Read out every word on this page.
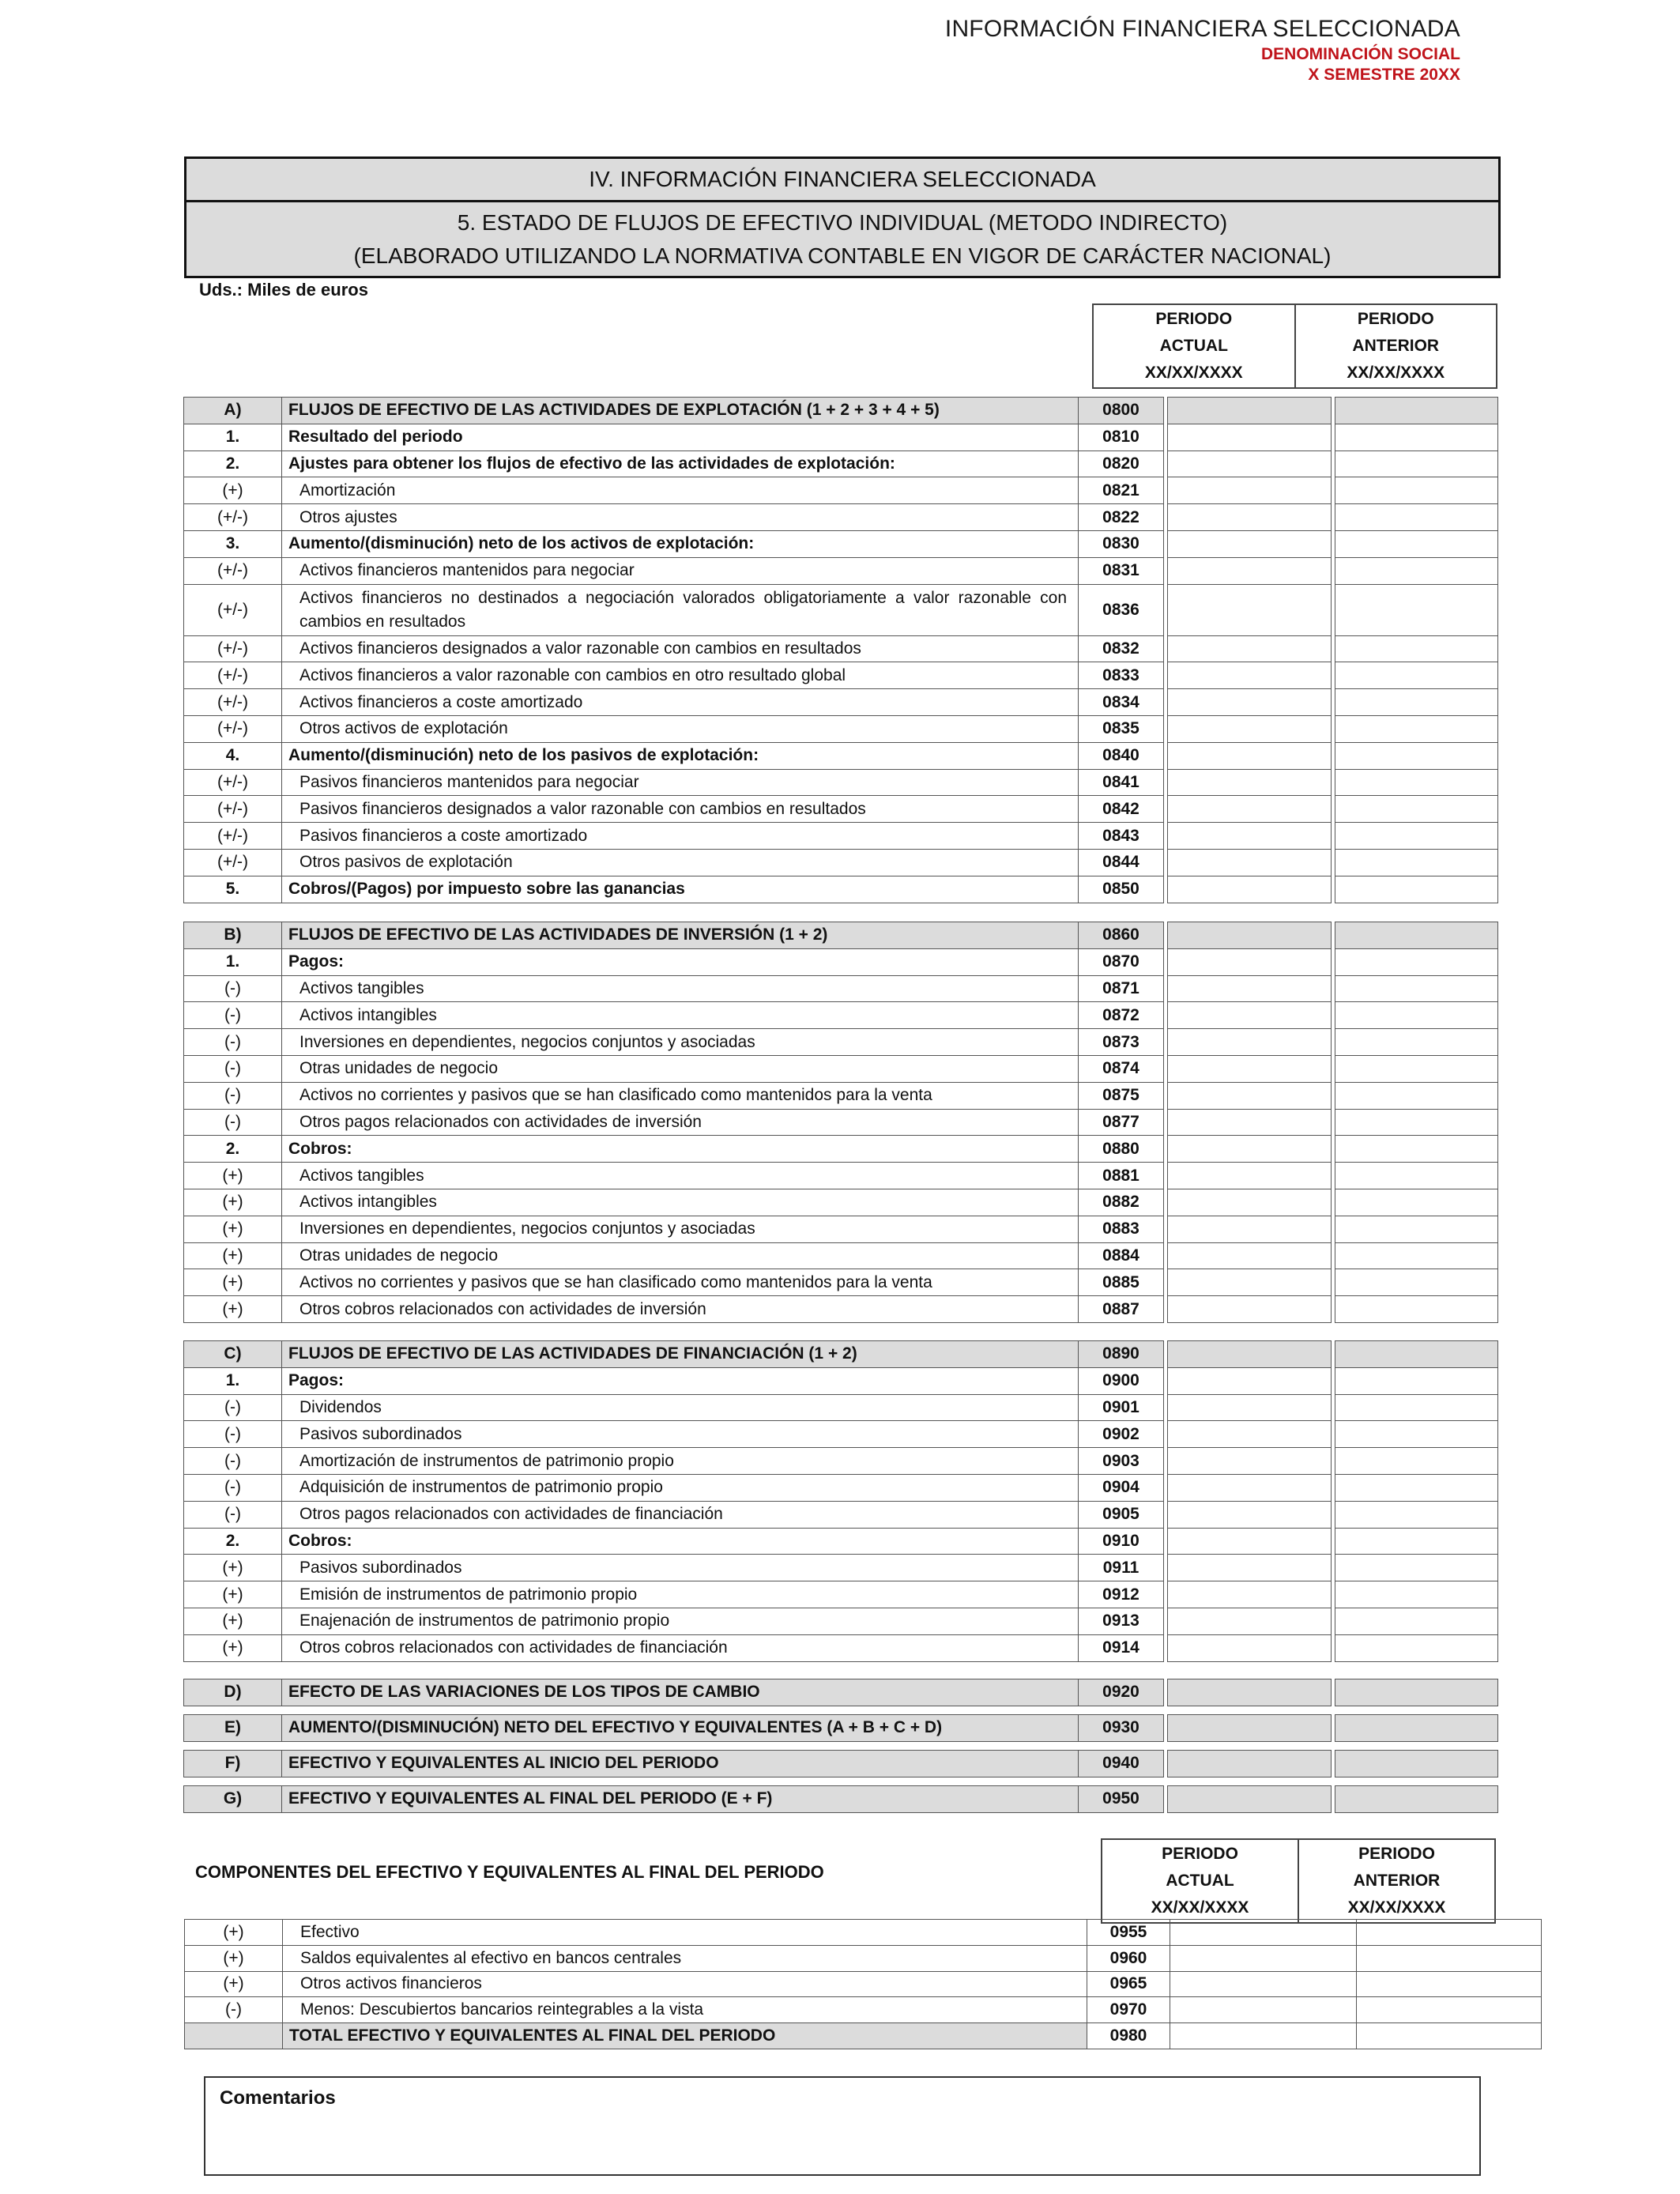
INFORMACIÓN FINANCIERA SELECCIONADA
DENOMINACIÓN SOCIAL
X SEMESTRE 20XX
IV. INFORMACIÓN FINANCIERA SELECCIONADA
5. ESTADO DE FLUJOS DE EFECTIVO INDIVIDUAL (METODO INDIRECTO)
(ELABORADO UTILIZANDO LA NORMATIVA CONTABLE EN VIGOR DE CARÁCTER NACIONAL)
Uds.: Miles de euros
PERIODO
ACTUAL
XX/XX/XXXX

PERIODO
ANTERIOR
XX/XX/XXXX
A)	FLUJOS DE EFECTIVO DE LAS ACTIVIDADES DE EXPLOTACIÓN (1 + 2 + 3 + 4 + 5)	0800				
1.	Resultado del periodo	0810				
2.	Ajustes para obtener los flujos de efectivo de las actividades de explotación:	0820				
(+)	Amortización	0821				
(+/-)	Otros ajustes	0822				
3.	Aumento/(disminución) neto de los activos de explotación:	0830				
(+/-)	Activos financieros mantenidos para negociar	0831				
(+/-)	Activos financieros no destinados a negociación valorados obligatoriamente a valor razonable con cambios en resultados	0836				
(+/-)	Activos financieros designados a valor razonable con cambios en resultados	0832				
(+/-)	Activos financieros a valor razonable con cambios en otro resultado global	0833				
(+/-)	Activos financieros a coste amortizado	0834				
(+/-)	Otros activos de explotación	0835				
4.	Aumento/(disminución) neto de los pasivos de explotación:	0840				
(+/-)	Pasivos financieros mantenidos para negociar	0841				
(+/-)	Pasivos financieros designados a valor razonable con cambios en resultados	0842				
(+/-)	Pasivos financieros a coste amortizado	0843				
(+/-)	Otros pasivos de explotación	0844				
5.	Cobros/(Pagos) por impuesto sobre las ganancias	0850				
B)	FLUJOS DE EFECTIVO DE LAS ACTIVIDADES DE INVERSIÓN (1 + 2)	0860				
1.	Pagos:	0870				
(-)	Activos tangibles	0871				
(-)	Activos intangibles	0872				
(-)	Inversiones en dependientes, negocios conjuntos y asociadas	0873				
(-)	Otras unidades de negocio	0874				
(-)	Activos no corrientes y pasivos que se han clasificado como mantenidos para la venta	0875				
(-)	Otros pagos relacionados con actividades de inversión	0877				
2.	Cobros:	0880				
(+)	Activos tangibles	0881				
(+)	Activos intangibles	0882				
(+)	Inversiones en dependientes, negocios conjuntos y asociadas	0883				
(+)	Otras unidades de negocio	0884				
(+)	Activos no corrientes y pasivos que se han clasificado como mantenidos para la venta	0885				
(+)	Otros cobros relacionados con actividades de inversión	0887				
C)	FLUJOS DE EFECTIVO DE LAS ACTIVIDADES DE FINANCIACIÓN (1 + 2)	0890				
1.	Pagos:	0900				
(-)	Dividendos	0901				
(-)	Pasivos subordinados	0902				
(-)	Amortización de instrumentos de patrimonio propio	0903				
(-)	Adquisición de instrumentos de patrimonio propio	0904				
(-)	Otros pagos relacionados con actividades de financiación	0905				
2.	Cobros:	0910				
(+)	Pasivos subordinados	0911				
(+)	Emisión de instrumentos de patrimonio propio	0912				
(+)	Enajenación de instrumentos de patrimonio propio	0913				
(+)	Otros cobros relacionados con actividades de financiación	0914				
D)	EFECTO DE LAS VARIACIONES DE LOS TIPOS DE CAMBIO	0920				
E)	AUMENTO/(DISMINUCIÓN) NETO DEL EFECTIVO Y EQUIVALENTES (A + B + C + D)	0930				
F)	EFECTIVO Y EQUIVALENTES AL INICIO DEL PERIODO	0940				
G)	EFECTIVO Y EQUIVALENTES AL FINAL DEL PERIODO (E + F)	0950				
COMPONENTES DEL EFECTIVO Y EQUIVALENTES AL FINAL DEL PERIODO
PERIODO
ACTUAL
XX/XX/XXXX

PERIODO
ANTERIOR
XX/XX/XXXX
(+)	Efectivo	0955		
(+)	Saldos equivalentes al efectivo en bancos centrales	0960		
(+)	Otros activos financieros	0965		
(-)	Menos: Descubiertos bancarios reintegrables a la vista	0970		
	TOTAL EFECTIVO Y EQUIVALENTES AL FINAL DEL PERIODO	0980		
Comentarios
